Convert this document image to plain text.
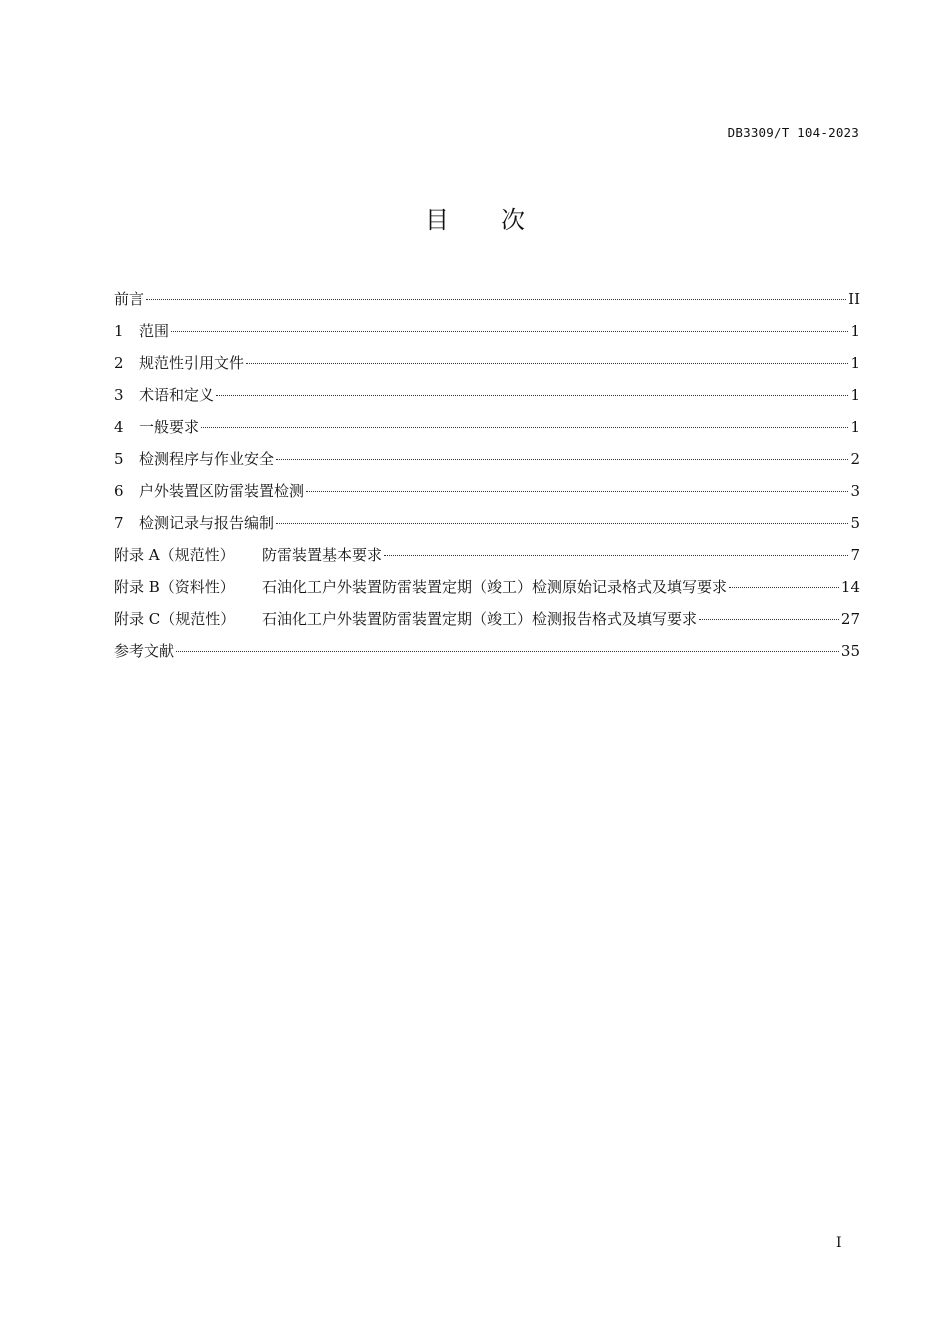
DB3309/T 104-2023
目 次
前言	II
1	范围	1
2	规范性引用文件	1
3	术语和定义	1
4	一般要求	1
5	检测程序与作业安全	2
6	户外装置区防雷装置检测	3
7	检测记录与报告编制	5
附录 A（规范性）	防雷装置基本要求	7
附录 B（资料性）	石油化工户外装置防雷装置定期（竣工）检测原始记录格式及填写要求	14
附录 C（规范性）	石油化工户外装置防雷装置定期（竣工）检测报告格式及填写要求	27
参考文献	35
I
